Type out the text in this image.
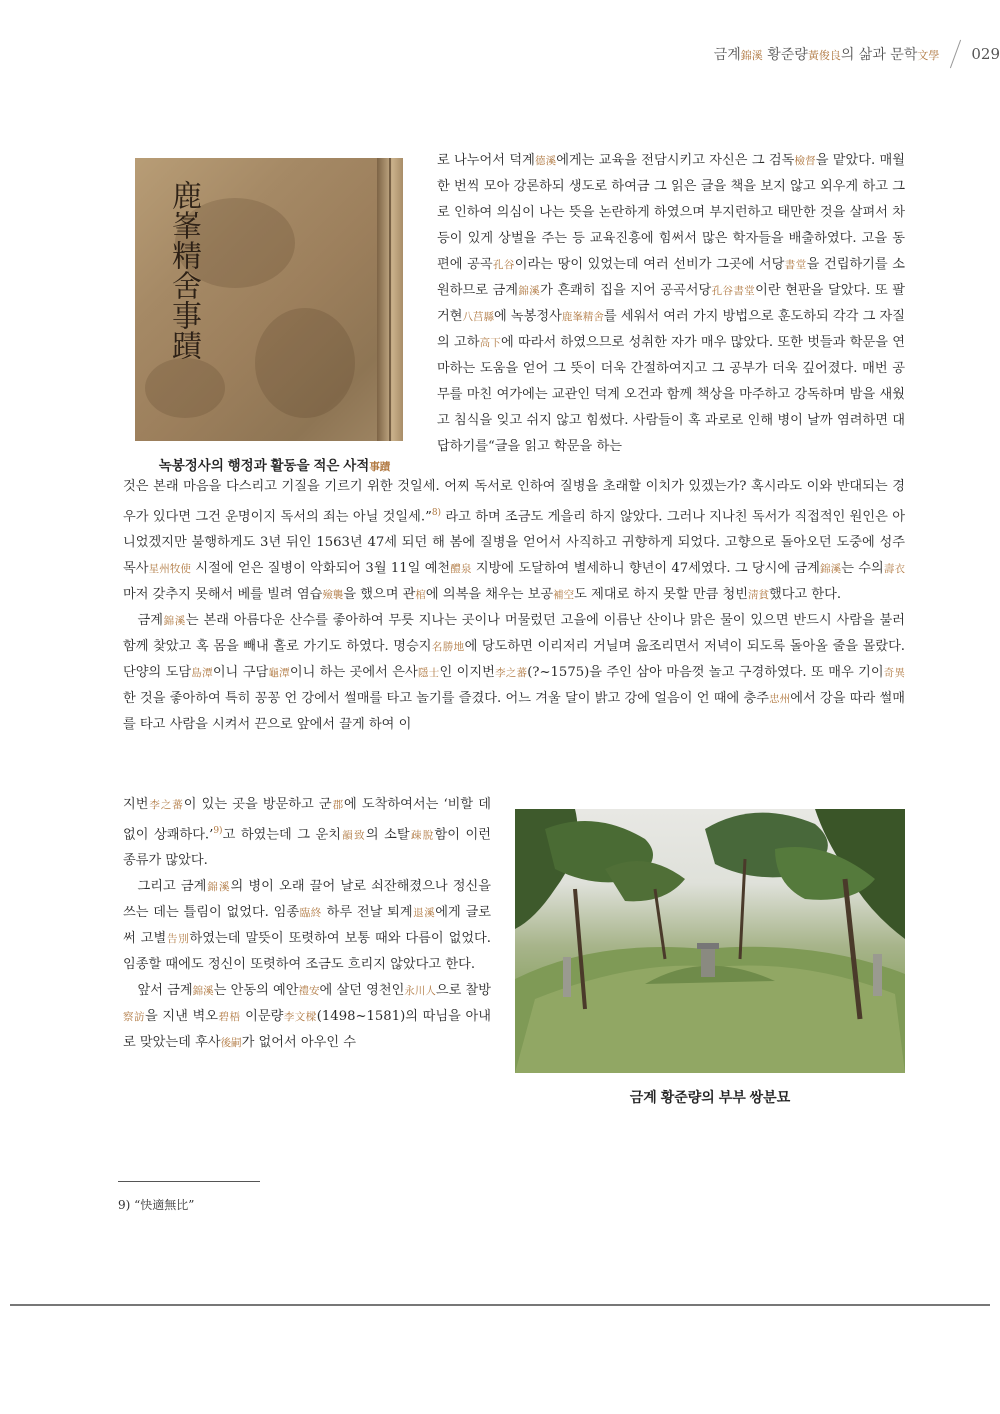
금계錦溪 황준량黃俊良의 삶과 문학文學 029
鹿峯精舍事蹟
녹봉정사의 행정과 활동을 적은 사적事蹟

로 나누어서 덕계德溪에게는 교육을 전담시키고 자신은 그 검독檢督을 맡았다. 매월 한 번씩 모아 강론하되 생도로 하여금 그 읽은 글을 책을 보지 않고 외우게 하고 그로 인하여 의심이 나는 뜻을 논란하게 하였으며 부지런하고 태만한 것을 살펴서 차등이 있게 상벌을 주는 등 교육진흥에 힘써서 많은 학자들을 배출하였다. 고을 동편에 공곡孔谷이라는 땅이 있었는데 여러 선비가 그곳에 서당書堂을 건립하기를 소원하므로 금계錦溪가 흔쾌히 집을 지어 공곡서당孔谷書堂이란 현판을 달았다. 또 팔거현八莒縣에 녹봉정사鹿峯精舍를 세워서 여러 가지 방법으로 훈도하되 각각 그 자질의 고하高下에 따라서 하였으므로 성취한 자가 매우 많았다. 또한 벗들과 학문을 연마하는 도움을 얻어 그 뜻이 더욱 간절하여지고 그 공부가 더욱 깊어졌다. 매번 공무를 마친 여가에는 교관인 덕계 오건과 함께 책상을 마주하고 강독하며 밤을 새웠고 침식을 잊고 쉬지 않고 힘썼다. 사람들이 혹 과로로 인해 병이 날까 염려하면 대답하기를“글을 읽고 학문을 하는

것은 본래 마음을 다스리고 기질을 기르기 위한 것일세. 어찌 독서로 인하여 질병을 초래할 이치가 있겠는가? 혹시라도 이와 반대되는 경우가 있다면 그건 운명이지 독서의 죄는 아닐 것일세.”$^{8)}$ 라고 하며 조금도 게을리 하지 않았다. 그러나 지나친 독서가 직접적인 원인은 아니었겠지만 불행하게도 3년 뒤인 1563년 47세 되던 해 봄에 질병을 얻어서 사직하고 귀향하게 되었다. 고향으로 돌아오던 도중에 성주목사星州牧使 시절에 얻은 질병이 악화되어 3월 11일 예천醴泉 지방에 도달하여 별세하니 향년이 47세였다. 그 당시에 금계錦溪는 수의壽衣마저 갖추지 못해서 베를 빌려 염습殮襲을 했으며 관棺에 의복을 채우는 보공補空도 제대로 하지 못할 만큼 청빈淸貧했다고 한다.

금계錦溪는 본래 아름다운 산수를 좋아하여 무릇 지나는 곳이나 머물렀던 고을에 이름난 산이나 맑은 물이 있으면 반드시 사람을 불러 함께 찾았고 혹 몸을 빼내 홀로 가기도 하였다. 명승지名勝地에 당도하면 이리저리 거닐며 읊조리면서 저녁이 되도록 돌아올 줄을 몰랐다. 단양의 도담島潭이니 구담龜潭이니 하는 곳에서 은사隱士인 이지번李之蕃(?~1575)을 주인 삼아 마음껏 놀고 구경하였다. 또 매우 기이奇異한 것을 좋아하여 특히 꽁꽁 언 강에서 썰매를 타고 놀기를 즐겼다. 어느 겨울 달이 밝고 강에 얼음이 언 때에 충주忠州에서 강을 따라 썰매를 타고 사람을 시켜서 끈으로 앞에서 끌게 하여 이

지번李之蕃이 있는 곳을 방문하고 군郡에 도착하여서는 ‘비할 데 없이 상쾌하다.’$^{9)}$고 하였는데 그 운치韻致의 소탈疎脫함이 이런 종류가 많았다.

그리고 금계錦溪의 병이 오래 끌어 날로 쇠잔해졌으나 정신을 쓰는 데는 틀림이 없었다. 임종臨終 하루 전날 퇴계退溪에게 글로써 고별告別하였는데 말뜻이 또렷하여 보통 때와 다름이 없었다. 임종할 때에도 정신이 또렷하여 조금도 흐리지 않았다고 한다.

앞서 금계錦溪는 안동의 예안禮安에 살던 영천인永川人으로 찰방察訪을 지낸 벽오碧梧 이문량李文樑(1498~1581)의 따님을 아내로 맞았는데 후사後嗣가 없어서 아우인 수

금계 황준량의 부부 쌍분묘
9) “快適無比”
